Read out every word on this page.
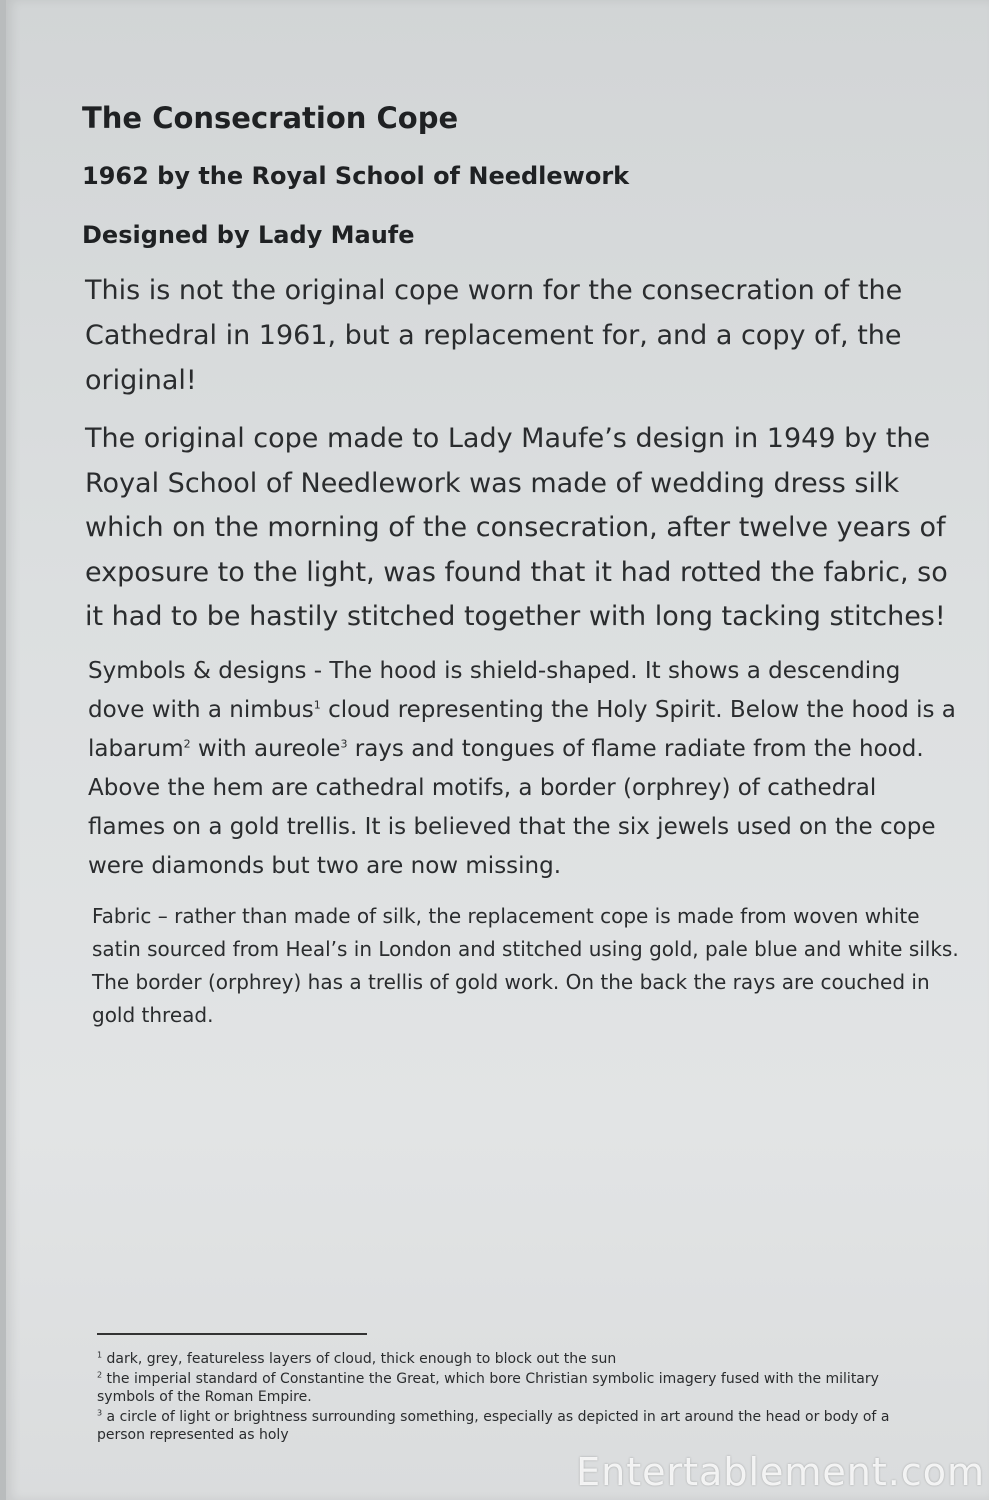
The Consecration Cope
1962 by the Royal School of Needlework
Designed by Lady Maufe

This is not the original cope worn for the consecration of the Cathedral in 1961, but a replacement for, and a copy of, the original!

The original cope made to Lady Maufe’s design in 1949 by the Royal School of Needlework was made of wedding dress silk which on the morning of the consecration, after twelve years of exposure to the light, was found that it had rotted the fabric, so it had to be hastily stitched together with long tacking stitches!

Symbols & designs - The hood is shield-shaped. It shows a descending dove with a nimbus$^1$ cloud representing the Holy Spirit. Below the hood is a labarum$^2$ with aureole$^3$ rays and tongues of flame radiate from the hood. Above the hem are cathedral motifs, a border (orphrey) of cathedral flames on a gold trellis. It is believed that the six jewels used on the cope were diamonds but two are now missing.

Fabric – rather than made of silk, the replacement cope is made from woven white satin sourced from Heal’s in London and stitched using gold, pale blue and white silks. The border (orphrey) has a trellis of gold work. On the back the rays are couched in gold thread.

$^1$ dark, grey, featureless layers of cloud, thick enough to block out the sun
$^2$ the imperial standard of Constantine the Great, which bore Christian symbolic imagery fused with the military symbols of the Roman Empire.
$^3$ a circle of light or brightness surrounding something, especially as depicted in art around the head or body of a person represented as holy
Entertablement.com
